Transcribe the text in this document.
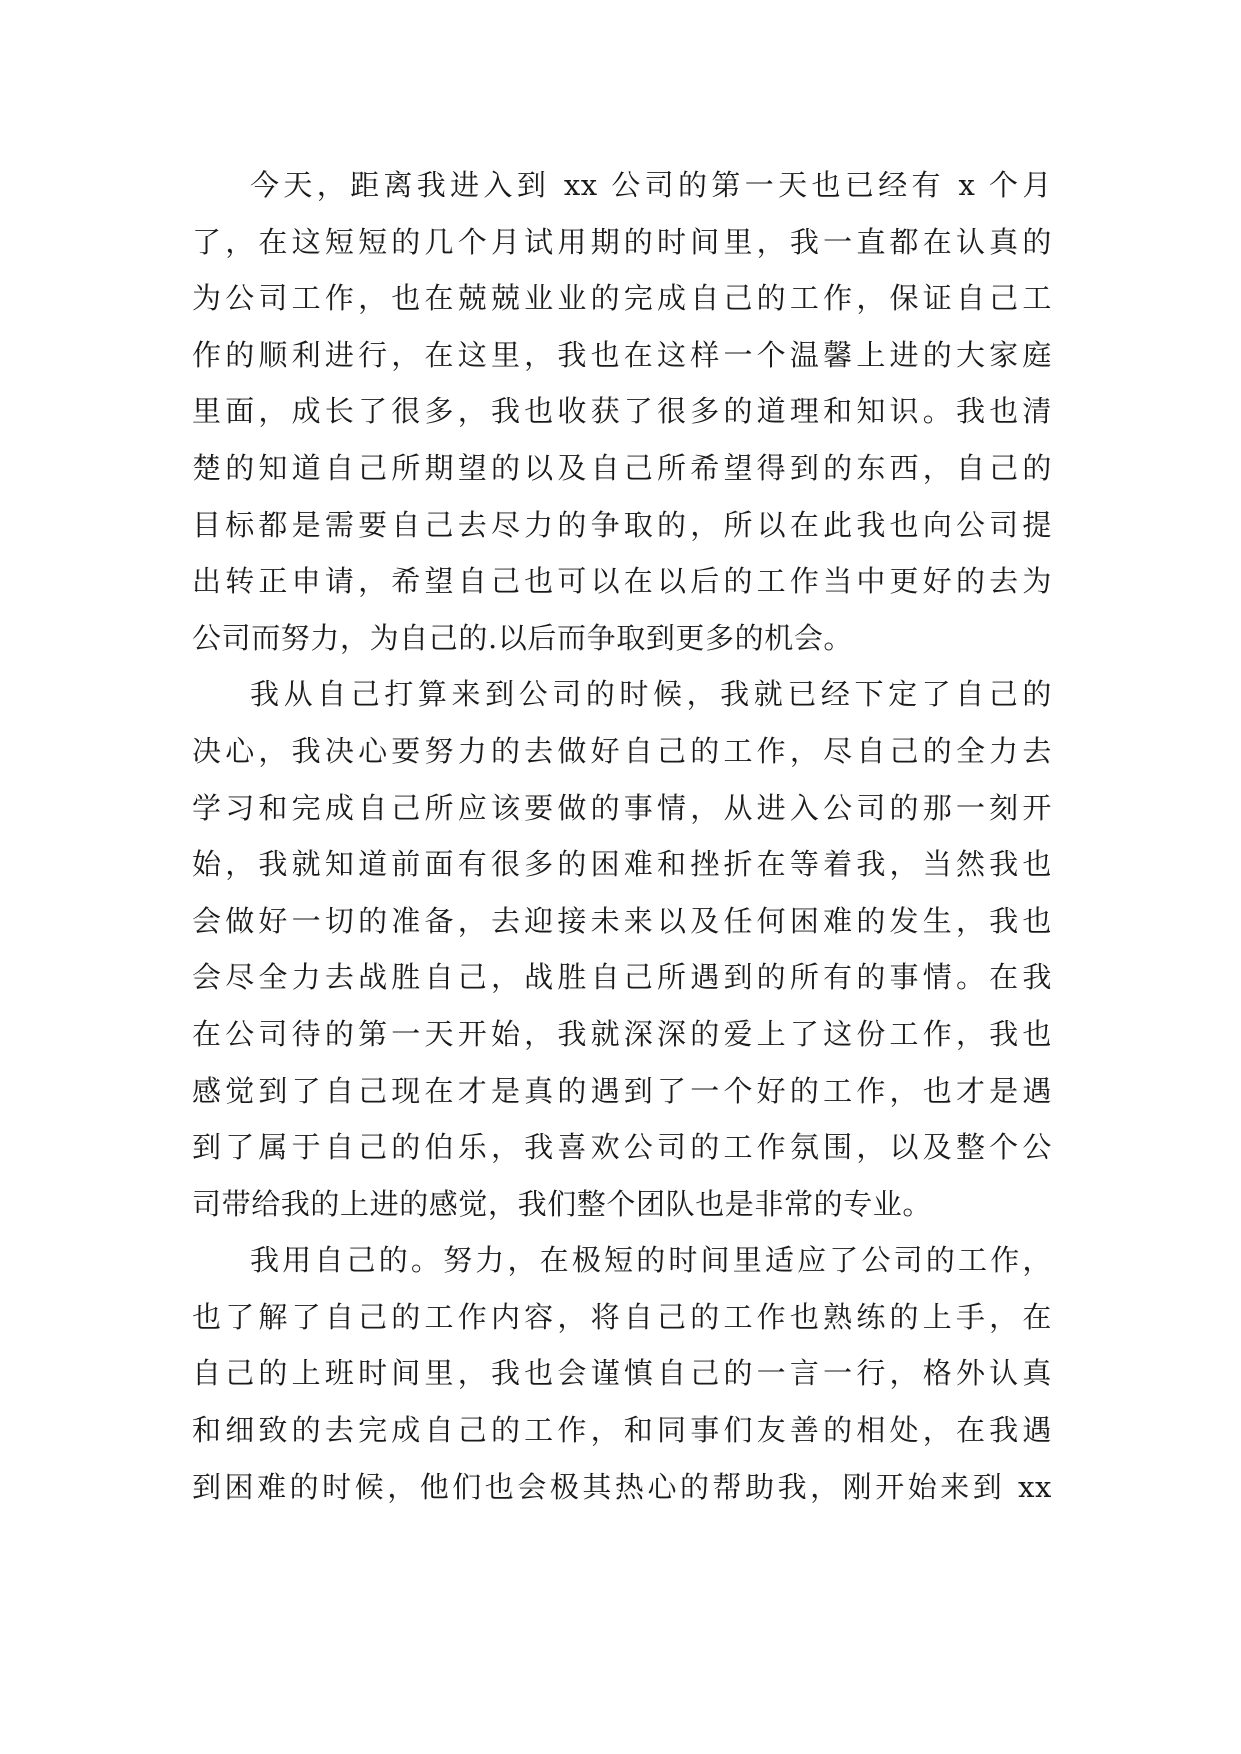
今天，距离我进入到 xx 公司的第一天也已经有 x 个月
了，在这短短的几个月试用期的时间里，我一直都在认真的
为公司工作，也在兢兢业业的完成自己的工作，保证自己工
作的顺利进行，在这里，我也在这样一个温馨上进的大家庭
里面，成长了很多，我也收获了很多的道理和知识。我也清
楚的知道自己所期望的以及自己所希望得到的东西，自己的
目标都是需要自己去尽力的争取的，所以在此我也向公司提
出转正申请，希望自己也可以在以后的工作当中更好的去为
公司而努力，为自己的.以后而争取到更多的机会。
我从自己打算来到公司的时候，我就已经下定了自己的
决心，我决心要努力的去做好自己的工作，尽自己的全力去
学习和完成自己所应该要做的事情，从进入公司的那一刻开
始，我就知道前面有很多的困难和挫折在等着我，当然我也
会做好一切的准备，去迎接未来以及任何困难的发生，我也
会尽全力去战胜自己，战胜自己所遇到的所有的事情。在我
在公司待的第一天开始，我就深深的爱上了这份工作，我也
感觉到了自己现在才是真的遇到了一个好的工作，也才是遇
到了属于自己的伯乐，我喜欢公司的工作氛围，以及整个公
司带给我的上进的感觉，我们整个团队也是非常的专业。
我用自己的。努力，在极短的时间里适应了公司的工作，
也了解了自己的工作内容，将自己的工作也熟练的上手，在
自己的上班时间里，我也会谨慎自己的一言一行，格外认真
和细致的去完成自己的工作，和同事们友善的相处，在我遇
到困难的时候，他们也会极其热心的帮助我，刚开始来到 xx
